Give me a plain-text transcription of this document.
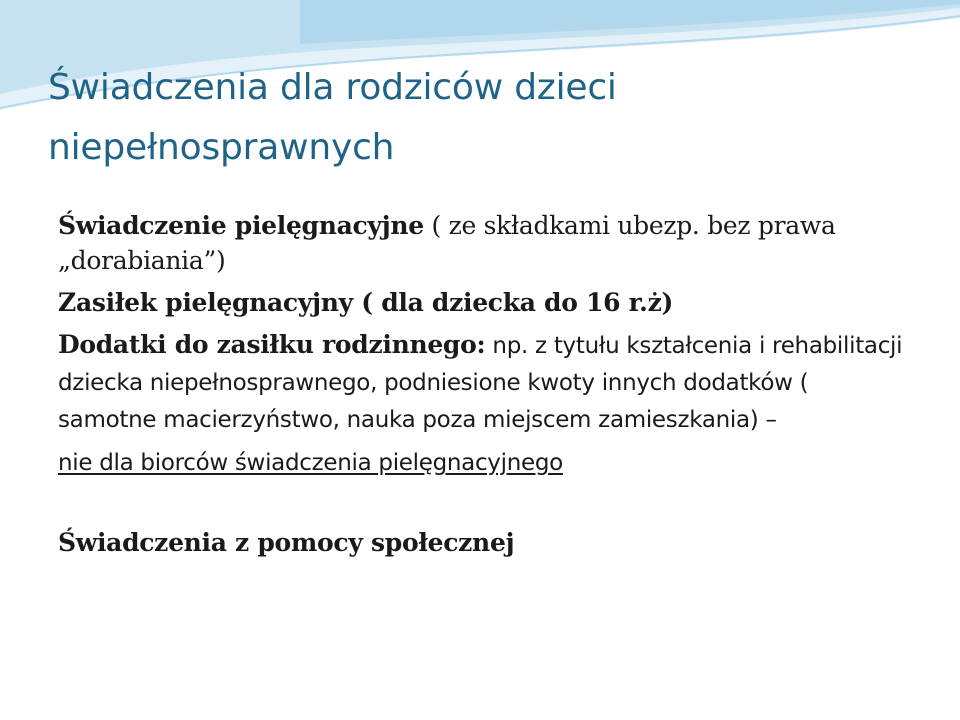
Świadczenia dla rodziców dzieci niepełnosprawnych

Świadczenie pielęgnacyjne ( ze składkami ubezp. bez prawa „dorabiania”)

Zasiłek pielęgnacyjny ( dla dziecka do 16 r.ż)

Dodatki do zasiłku rodzinnego: np. z tytułu kształcenia i rehabilitacji dziecka niepełnosprawnego, podniesione kwoty innych dodatków ( samotne macierzyństwo, nauka poza miejscem zamieszkania) –

nie dla biorców świadczenia pielęgnacyjnego

Świadczenia z pomocy społecznej
